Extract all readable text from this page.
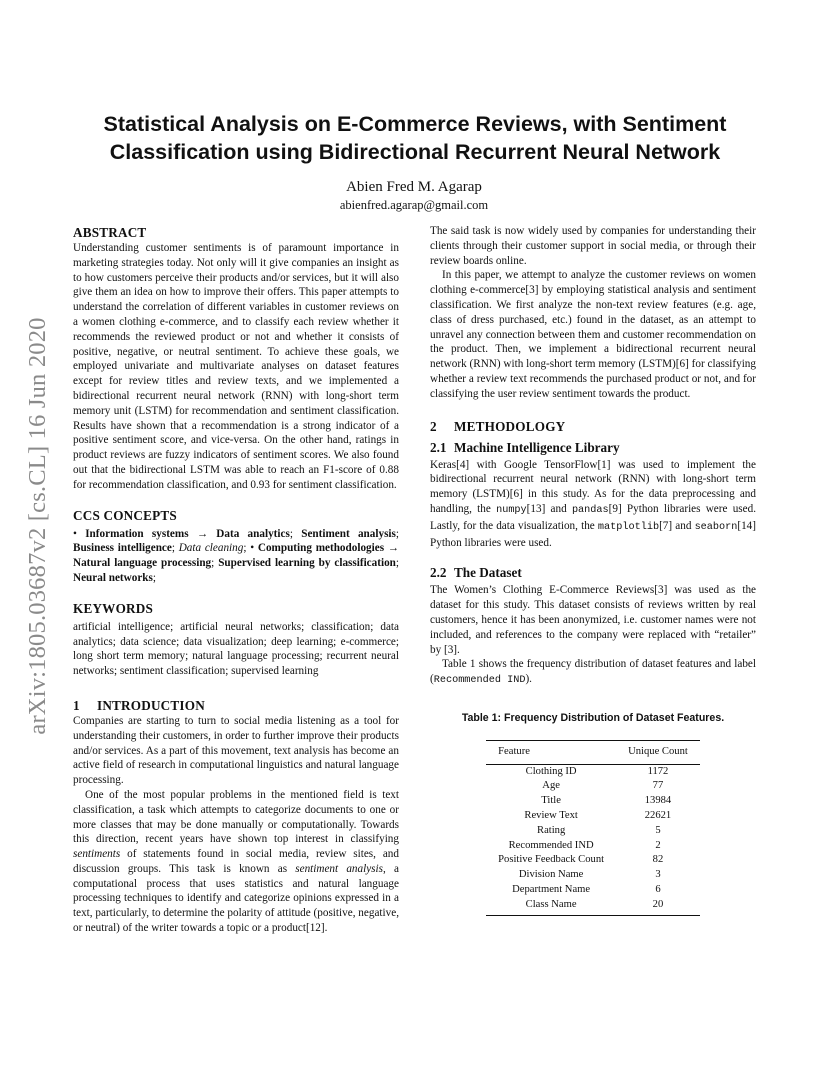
arXiv:1805.03687v2 [cs.CL] 16 Jun 2020
Statistical Analysis on E-Commerce Reviews, with Sentiment Classification using Bidirectional Recurrent Neural Network
Abien Fred M. Agarap
abienfred.agarap@gmail.com
ABSTRACT

Understanding customer sentiments is of paramount importance in marketing strategies today. Not only will it give companies an insight as to how customers perceive their products and/or services, but it will also give them an idea on how to improve their offers. This paper attempts to understand the correlation of different variables in customer reviews on a women clothing e-commerce, and to classify each review whether it recommends the reviewed product or not and whether it consists of positive, negative, or neutral sentiment. To achieve these goals, we employed univariate and multivariate analyses on dataset features except for review titles and review texts, and we implemented a bidirectional recurrent neural network (RNN) with long-short term memory unit (LSTM) for recommendation and sentiment classification. Results have shown that a recommendation is a strong indicator of a positive sentiment score, and vice-versa. On the other hand, ratings in product reviews are fuzzy indicators of sentiment scores. We also found out that the bidirectional LSTM was able to reach an F1-score of 0.88 for recommendation classification, and 0.93 for sentiment classification.

CCS CONCEPTS

• Information systems → Data analytics; Sentiment analysis; Business intelligence; Data cleaning; • Computing methodologies → Natural language processing; Supervised learning by classification; Neural networks;

KEYWORDS

artificial intelligence; artificial neural networks; classification; data analytics; data science; data visualization; deep learning; e-commerce; long short term memory; natural language processing; recurrent neural networks; sentiment classification; supervised learning

1 INTRODUCTION

Companies are starting to turn to social media listening as a tool for understanding their customers, in order to further improve their products and/or services. As a part of this movement, text analysis has become an active field of research in computational linguistics and natural language processing.

One of the most popular problems in the mentioned field is text classification, a task which attempts to categorize documents to one or more classes that may be done manually or computationally. Towards this direction, recent years have shown top interest in classifying sentiments of statements found in social media, review sites, and discussion groups. This task is known as sentiment analysis, a computational process that uses statistics and natural language processing techniques to identify and categorize opinions expressed in a text, particularly, to determine the polarity of attitude (positive, negative, or neutral) of the writer towards a topic or a product[12].

The said task is now widely used by companies for understanding their clients through their customer support in social media, or through their review boards online.

In this paper, we attempt to analyze the customer reviews on women clothing e-commerce[3] by employing statistical analysis and sentiment classification. We first analyze the non-text review features (e.g. age, class of dress purchased, etc.) found in the dataset, as an attempt to unravel any connection between them and customer recommendation on the product. Then, we implement a bidirectional recurrent neural network (RNN) with long-short term memory (LSTM)[6] for classifying whether a review text recommends the purchased product or not, and for classifying the user review sentiment towards the product.

2 METHODOLOGY
2.1 Machine Intelligence Library

Keras[4] with Google TensorFlow[1] was used to implement the bidirectional recurrent neural network (RNN) with long-short term memory (LSTM)[6] in this study. As for the data preprocessing and handling, the numpy[13] and pandas[9] Python libraries were used. Lastly, for the data visualization, the matplotlib[7] and seaborn[14] Python libraries were used.

2.2 The Dataset

The Women’s Clothing E-Commerce Reviews[3] was used as the dataset for this study. This dataset consists of reviews written by real customers, hence it has been anonymized, i.e. customer names were not included, and references to the company were replaced with “retailer” by [3].

Table 1 shows the frequency distribution of dataset features and label (Recommended IND).

Table 1: Frequency Distribution of Dataset Features.

Feature	Unique Count
Clothing ID	1172
Age	77
Title	13984
Review Text	22621
Rating	5
Recommended IND	2
Positive Feedback Count	82
Division Name	3
Department Name	6
Class Name	20
